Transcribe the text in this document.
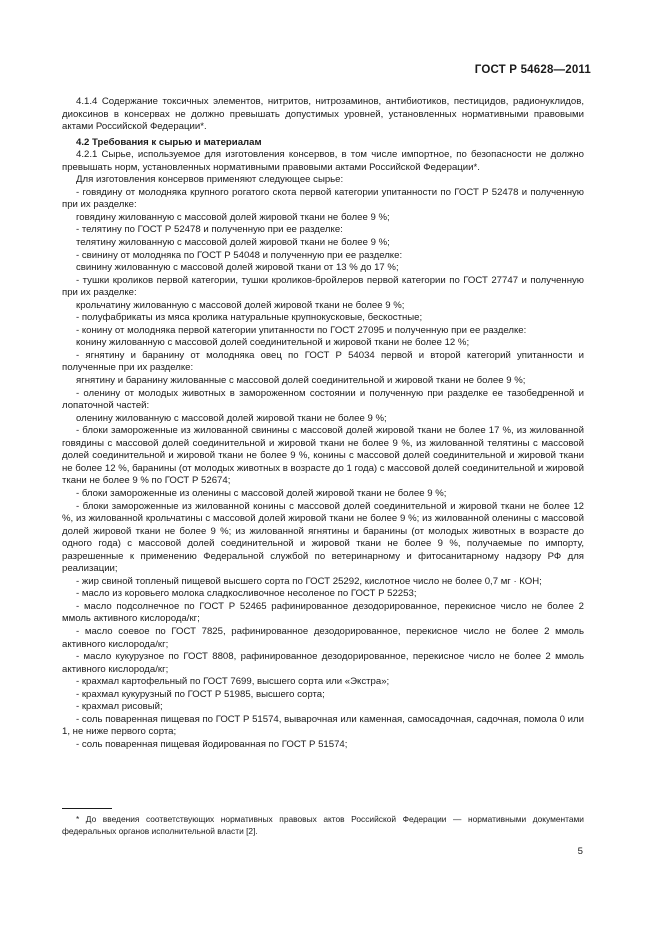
ГОСТ Р 54628—2011

4.1.4 Содержание токсичных элементов, нитритов, нитрозаминов, антибиотиков, пестицидов, радионуклидов, диоксинов в консервах не должно превышать допустимых уровней, установленных нормативными правовыми актами Российской Федерации*.

4.2 Требования к сырью и материалам

4.2.1 Сырье, используемое для изготовления консервов, в том числе импортное, по безопасности не должно превышать норм, установленных нормативными правовыми актами Российской Федерации*.

Для изготовления консервов применяют следующее сырье:

- говядину от молодняка крупного рогатого скота первой категории упитанности по ГОСТ Р 52478 и полученную при их разделке:

говядину жилованную с массовой долей жировой ткани не более 9 %;

- телятину по ГОСТ Р 52478 и полученную при ее разделке:

телятину жилованную с массовой долей жировой ткани не более 9 %;

- свинину от молодняка по ГОСТ Р 54048 и полученную при ее разделке:

свинину жилованную с массовой долей жировой ткани от 13 % до 17 %;

- тушки кроликов первой категории, тушки кроликов-бройлеров первой категории по ГОСТ 27747 и полученную при их разделке:

крольчатину жилованную с массовой долей жировой ткани не более 9 %;

- полуфабрикаты из мяса кролика натуральные крупнокусковые, бескостные;

- конину от молодняка первой категории упитанности по ГОСТ 27095 и полученную при ее разделке:

конину жилованную с массовой долей соединительной и жировой ткани не более 12 %;

- ягнятину и баранину от молодняка овец по ГОСТ Р 54034 первой и второй категорий упитанности и полученные при их разделке:

ягнятину и баранину жилованные с массовой долей соединительной и жировой ткани не более 9 %;

- оленину от молодых животных в замороженном состоянии и полученную при разделке ее тазобедренной и лопаточной частей:

оленину жилованную с массовой долей жировой ткани не более 9 %;

- блоки замороженные из жилованной свинины с массовой долей жировой ткани не более 17 %, из жилованной говядины с массовой долей соединительной и жировой ткани не более 9 %, из жилованной телятины с массовой долей соединительной и жировой ткани не более 9 %, конины с массовой долей соединительной и жировой ткани не более 12 %, баранины (от молодых животных в возрасте до 1 года) с массовой долей соединительной и жировой ткани не более 9 % по ГОСТ Р 52674;

- блоки замороженные из оленины с массовой долей жировой ткани не более 9 %;

- блоки замороженные из жилованной конины с массовой долей соединительной и жировой ткани не более 12 %, из жилованной крольчатины с массовой долей жировой ткани не более 9 %; из жилованной оленины с массовой долей жировой ткани не более 9 %; из жилованной ягнятины и баранины (от молодых животных в возрасте до одного года) с массовой долей соединительной и жировой ткани не более 9 %, получаемые по импорту, разрешенные к применению Федеральной службой по ветеринарному и фитосанитарному надзору РФ для реализации;

- жир свиной топленый пищевой высшего сорта по ГОСТ 25292, кислотное число не более 0,7 мг · КОН;

- масло из коровьего молока сладкосливочное несоленое по ГОСТ Р 52253;

- масло подсолнечное по ГОСТ Р 52465 рафинированное дезодорированное, перекисное число не более 2 ммоль активного кислорода/кг;

- масло соевое по ГОСТ 7825, рафинированное дезодорированное, перекисное число не более 2 ммоль активного кислорода/кг;

- масло кукурузное по ГОСТ 8808, рафинированное дезодорированное, перекисное число не более 2 ммоль активного кислорода/кг;

- крахмал картофельный по ГОСТ 7699, высшего сорта или «Экстра»;

- крахмал кукурузный по ГОСТ Р 51985, высшего сорта;

- крахмал рисовый;

- соль поваренная пищевая по ГОСТ Р 51574, выварочная или каменная, самосадочная, садочная, помола 0 или 1, не ниже первого сорта;

- соль поваренная пищевая йодированная по ГОСТ Р 51574;

* До введения соответствующих нормативных правовых актов Российской Федерации — нормативными документами федеральных органов исполнительной власти [2].
5
